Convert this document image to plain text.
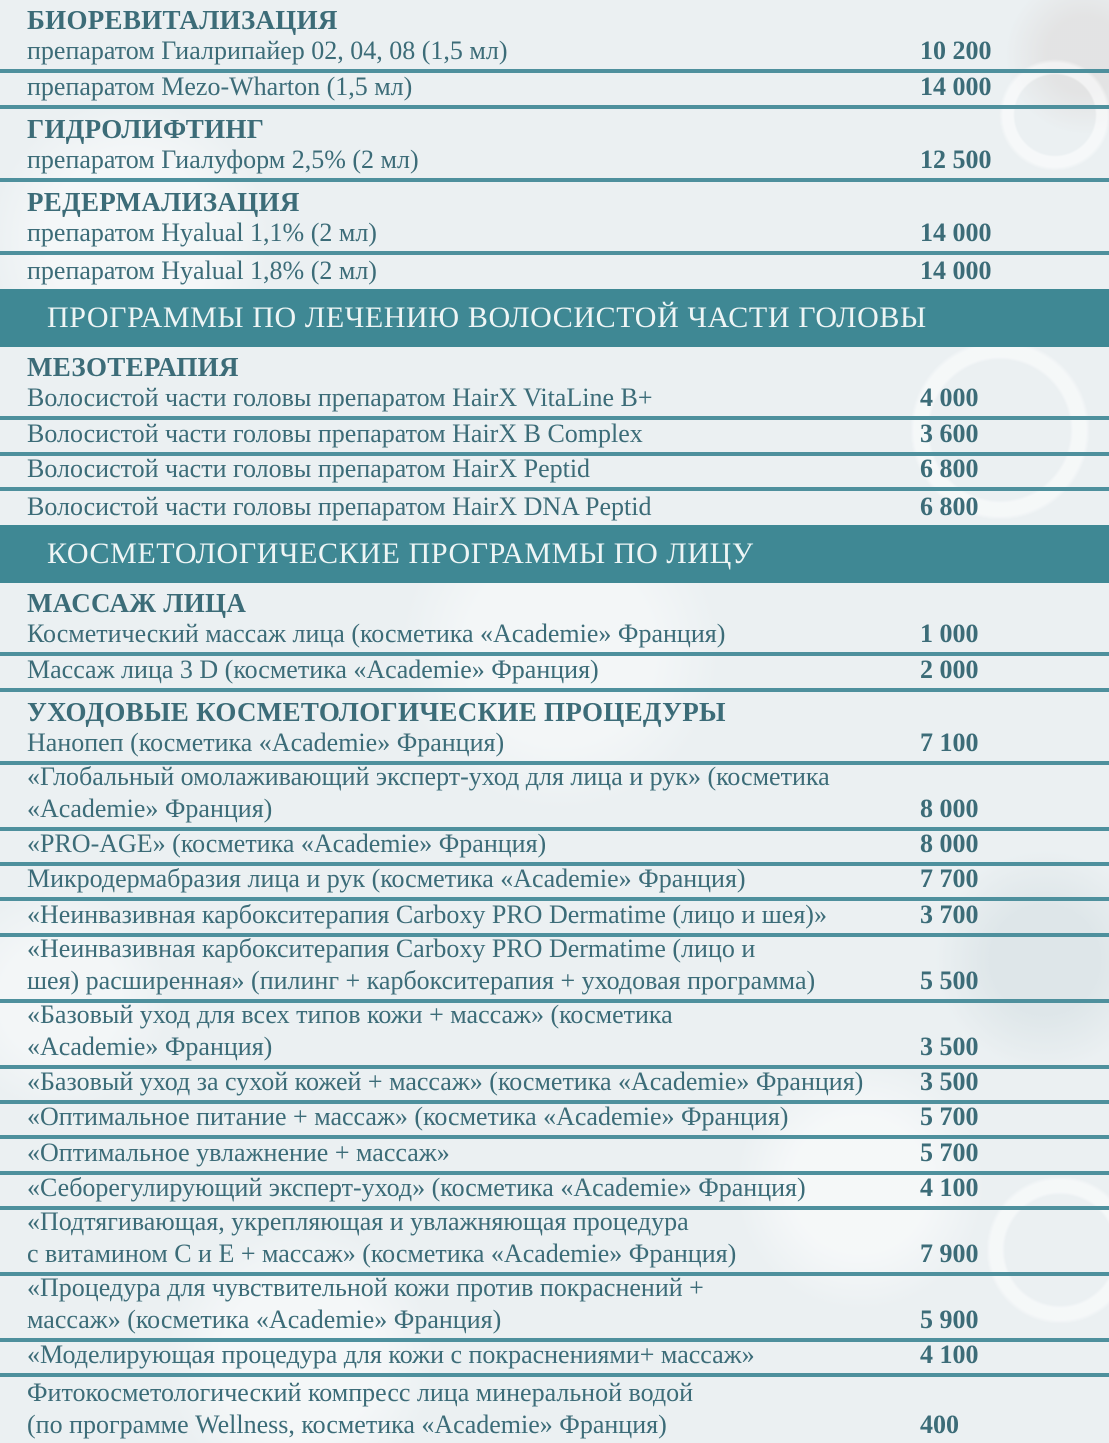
БИОРЕВИТАЛИЗАЦИЯ
препаратом Гиалрипайер 02, 04, 08 (1,5 мл)	10 200
препаратом Mezo-Wharton (1,5 мл)	14 000
ГИДРОЛИФТИНГ
препаратом Гиалуформ 2,5% (2 мл)	12 500
РЕДЕРМАЛИЗАЦИЯ
препаратом Hyalual 1,1% (2 мл)	14 000
препаратом Hyalual 1,8% (2 мл)	14 000
ПРОГРАММЫ ПО ЛЕЧЕНИЮ ВОЛОСИСТОЙ ЧАСТИ ГОЛОВЫ
МЕЗОТЕРАПИЯ
Волосистой части головы препаратом HairX VitaLine B+	4 000
Волосистой части головы препаратом HairX B Complex	3 600
Волосистой части головы препаратом HairX Peptid	6 800
Волосистой части головы препаратом HairX DNA Peptid	6 800
КОСМЕТОЛОГИЧЕСКИЕ ПРОГРАММЫ ПО ЛИЦУ
МАССАЖ ЛИЦА
Косметический массаж лица (косметика «Academie» Франция)	1 000
Массаж лица 3 D (косметика «Academie» Франция)	2 000
УХОДОВЫЕ КОСМЕТОЛОГИЧЕСКИЕ ПРОЦЕДУРЫ
Нанопеп (косметика «Academie» Франция)	7 100
«Глобальный омолаживающий эксперт-уход для лица и рук» (косметика
«Academie» Франция)	8 000
«PRO-AGE» (косметика «Academie» Франция)	8 000
Микродермабразия лица и рук (косметика «Academie» Франция)	7 700
«Неинвазивная карбокситерапия Carboxy PRO Dermatime (лицо и шея)»	3 700
«Неинвазивная карбокситерапия Carboxy PRO Dermatime (лицо и
шея) расширенная» (пилинг + карбокситерапия + уходовая программа)	5 500
«Базовый уход для всех типов кожи + массаж» (косметика
«Academie» Франция)	3 500
«Базовый уход за сухой кожей + массаж» (косметика «Academie» Франция)	3 500
«Оптимальное питание + массаж» (косметика «Academie» Франция)	5 700
«Оптимальное увлажнение + массаж»	5 700
«Себорегулирующий эксперт-уход» (косметика «Academie» Франция)	4 100
«Подтягивающая, укрепляющая и увлажняющая процедура
с витамином С и Е + массаж» (косметика «Academie» Франция)	7 900
«Процедура для чувствительной кожи против покраснений +
массаж» (косметика «Academie» Франция)	5 900
«Моделирующая процедура для кожи с покраснениями+ массаж»	4 100
Фитокосметологический компресс лица минеральной водой
(по программе Wellness, косметика «Academie» Франция)	400
